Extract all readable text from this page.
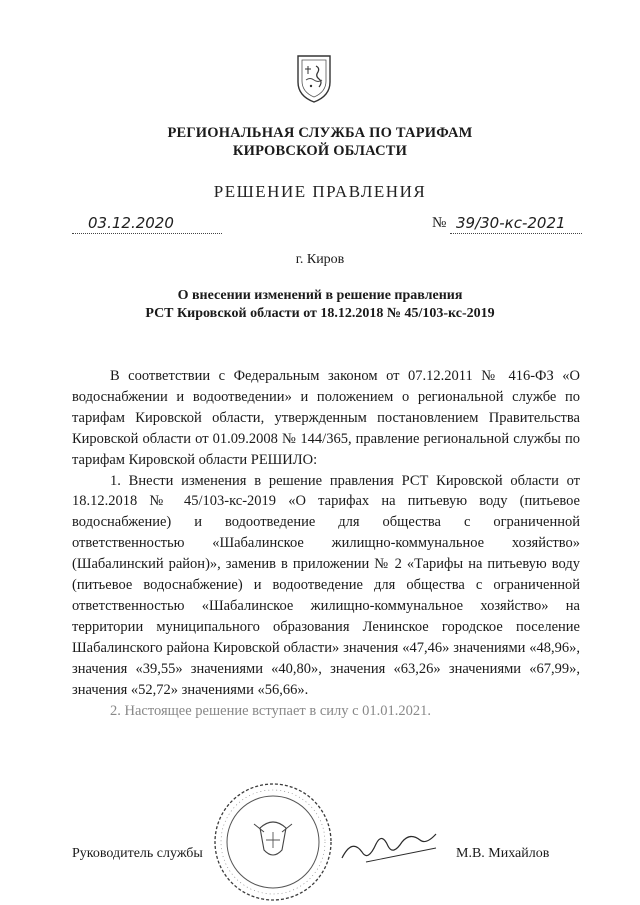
РЕГИОНАЛЬНАЯ СЛУЖБА ПО ТАРИФАМ
КИРОВСКОЙ ОБЛАСТИ
РЕШЕНИЕ ПРАВЛЕНИЯ
03.12.2020	№ 39/30-кс-2021
г. Киров
О внесении изменений в решение правления
РСТ Кировской области от 18.12.2018 № 45/103-кс-2019

В соответствии с Федеральным законом от 07.12.2011 № 416-ФЗ «О водоснабжении и водоотведении» и положением о региональной службе по тарифам Кировской области, утвержденным постановлением Правительства Кировской области от 01.09.2008 № 144/365, правление региональной службы по тарифам Кировской области РЕШИЛО:

1. Внести изменения в решение правления РСТ Кировской области от 18.12.2018 № 45/103-кс-2019 «О тарифах на питьевую воду (питьевое водоснабжение) и водоотведение для общества с ограниченной ответственностью «Шабалинское жилищно-коммунальное хозяйство» (Шабалинский район)», заменив в приложении № 2 «Тарифы на питьевую воду (питьевое водоснабжение) и водоотведение для общества с ограниченной ответственностью «Шабалинское жилищно-коммунальное хозяйство» на территории муниципального образования Ленинское городское поселение Шабалинского района Кировской области» значения «47,46» значениями «48,96», значения «39,55» значениями «40,80», значения «63,26» значениями «67,99», значения «52,72» значениями «56,66».

2. Настоящее решение вступает в силу с 01.01.2021.

Руководитель службы	М.В. Михайлов
